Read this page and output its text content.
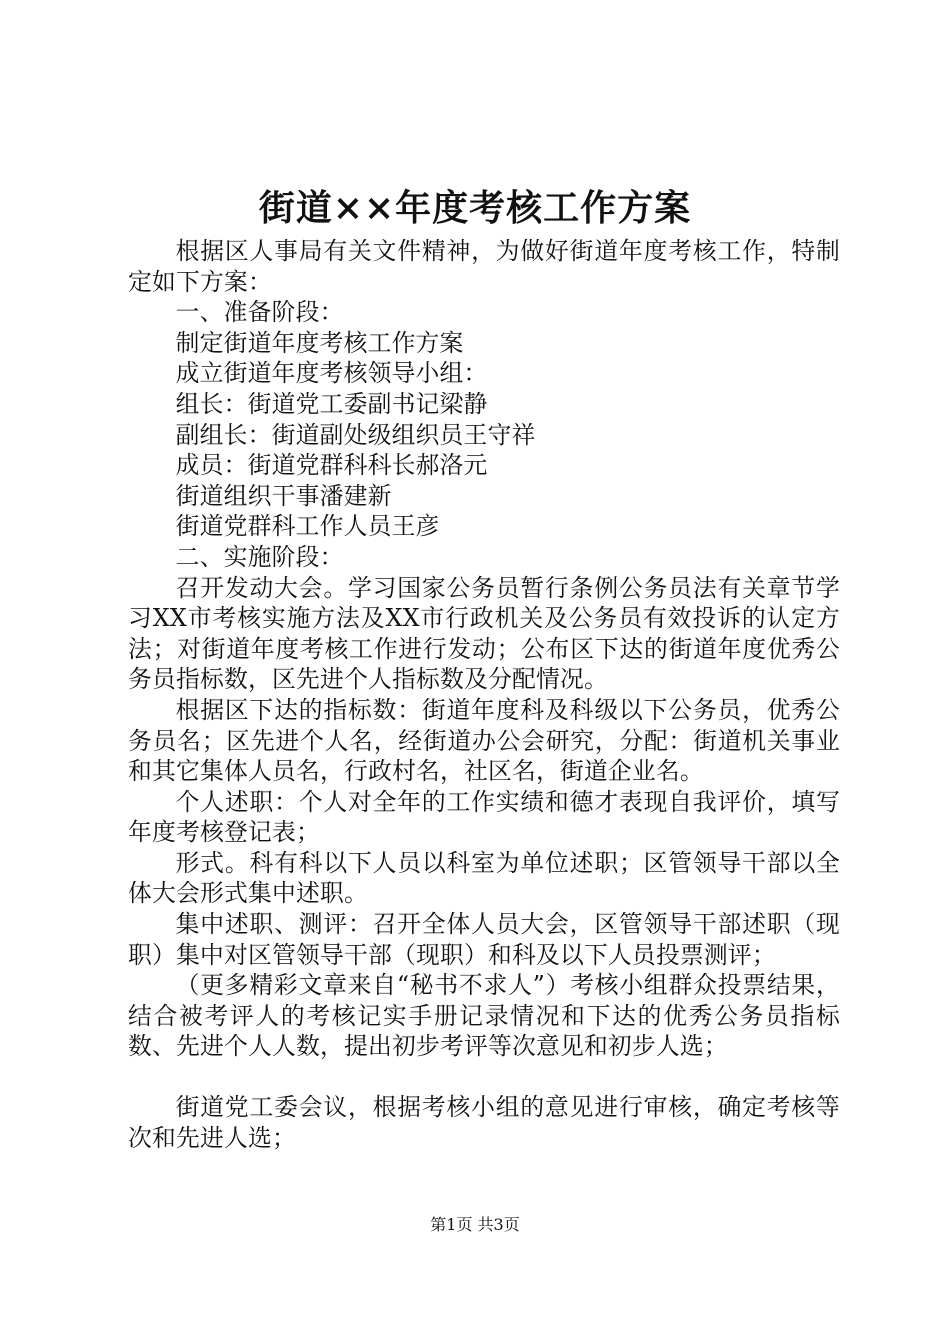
街道××年度考核工作方案

根据区人事局有关文件精神，为做好街道年度考核工作，特制定如下方案：

一、准备阶段：

制定街道年度考核工作方案

成立街道年度考核领导小组：

组长：街道党工委副书记梁静

副组长：街道副处级组织员王守祥

成员：街道党群科科长郝洛元

街道组织干事潘建新

街道党群科工作人员王彦

二、实施阶段：

召开发动大会。学习国家公务员暂行条例公务员法有关章节学习XX市考核实施方法及XX市行政机关及公务员有效投诉的认定方法；对街道年度考核工作进行发动；公布区下达的街道年度优秀公务员指标数，区先进个人指标数及分配情况。

根据区下达的指标数：街道年度科及科级以下公务员，优秀公务员名；区先进个人名，经街道办公会研究，分配：街道机关事业和其它集体人员名，行政村名，社区名，街道企业名。

个人述职：个人对全年的工作实绩和德才表现自我评价，填写年度考核登记表；

形式。科有科以下人员以科室为单位述职；区管领导干部以全体大会形式集中述职。

集中述职、测评：召开全体人员大会，区管领导干部述职（现职）集中对区管领导干部（现职）和科及以下人员投票测评；

（更多精彩文章来自“秘书不求人”）考核小组群众投票结果，结合被考评人的考核记实手册记录情况和下达的优秀公务员指标数、先进个人人数，提出初步考评等次意见和初步人选；

街道党工委会议，根据考核小组的意见进行审核，确定考核等次和先进人选；

第1页 共3页
